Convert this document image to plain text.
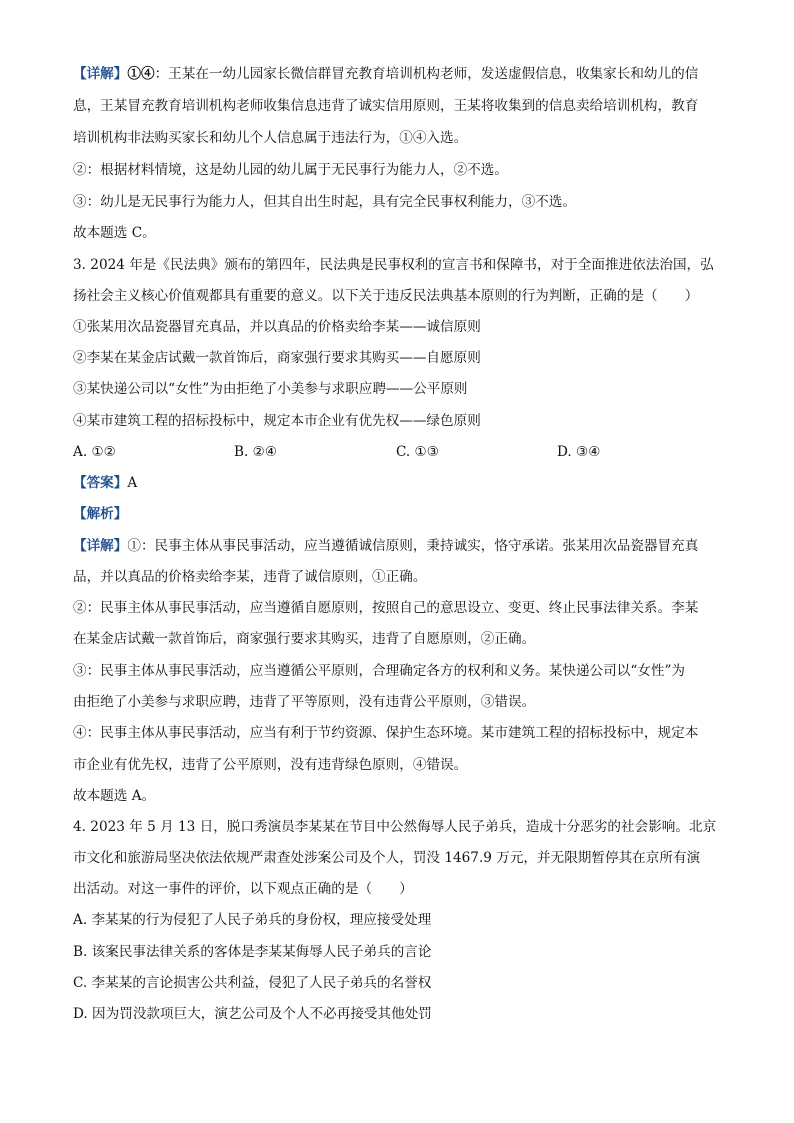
【详解】①④：王某在一幼儿园家长微信群冒充教育培训机构老师，发送虚假信息，收集家长和幼儿的信
息，王某冒充教育培训机构老师收集信息违背了诚实信用原则，王某将收集到的信息卖给培训机构，教育
培训机构非法购买家长和幼儿个人信息属于违法行为，①④入选。
②：根据材料情境，这是幼儿园的幼儿属于无民事行为能力人，②不选。
③：幼儿是无民事行为能力人，但其自出生时起，具有完全民事权利能力，③不选。
故本题选 C。
3. 2024 年是《民法典》颁布的第四年，民法典是民事权利的宣言书和保障书，对于全面推进依法治国，弘
扬社会主义核心价值观都具有重要的意义。以下关于违反民法典基本原则的行为判断，正确的是（　　）
①张某用次品瓷器冒充真品，并以真品的价格卖给李某——诚信原则
②李某在某金店试戴一款首饰后，商家强行要求其购买——自愿原则
③某快递公司以“女性”为由拒绝了小美参与求职应聘——公平原则
④某市建筑工程的招标投标中，规定本市企业有优先权——绿色原则
A. ①②	B. ②④	C. ①③	D. ③④
【答案】A
【解析】
【详解】①：民事主体从事民事活动，应当遵循诚信原则，秉持诚实，恪守承诺。张某用次品瓷器冒充真
品，并以真品的价格卖给李某，违背了诚信原则，①正确。
②：民事主体从事民事活动，应当遵循自愿原则，按照自己的意思设立、变更、终止民事法律关系。李某
在某金店试戴一款首饰后，商家强行要求其购买，违背了自愿原则，②正确。
③：民事主体从事民事活动，应当遵循公平原则，合理确定各方的权利和义务。某快递公司以“女性”为
由拒绝了小美参与求职应聘，违背了平等原则，没有违背公平原则，③错误。
④：民事主体从事民事活动，应当有利于节约资源、保护生态环境。某市建筑工程的招标投标中，规定本
市企业有优先权，违背了公平原则，没有违背绿色原则，④错误。
故本题选 A。
4. 2023 年 5 月 13 日，脱口秀演员李某某在节目中公然侮辱人民子弟兵，造成十分恶劣的社会影响。北京
市文化和旅游局坚决依法依规严肃查处涉案公司及个人，罚没 1467.9 万元，并无限期暂停其在京所有演
出活动。对这一事件的评价，以下观点正确的是（　　）
A. 李某某的行为侵犯了人民子弟兵的身份权，理应接受处理
B. 该案民事法律关系的客体是李某某侮辱人民子弟兵的言论
C. 李某某的言论损害公共利益，侵犯了人民子弟兵的名誉权
D. 因为罚没款项巨大，演艺公司及个人不必再接受其他处罚
